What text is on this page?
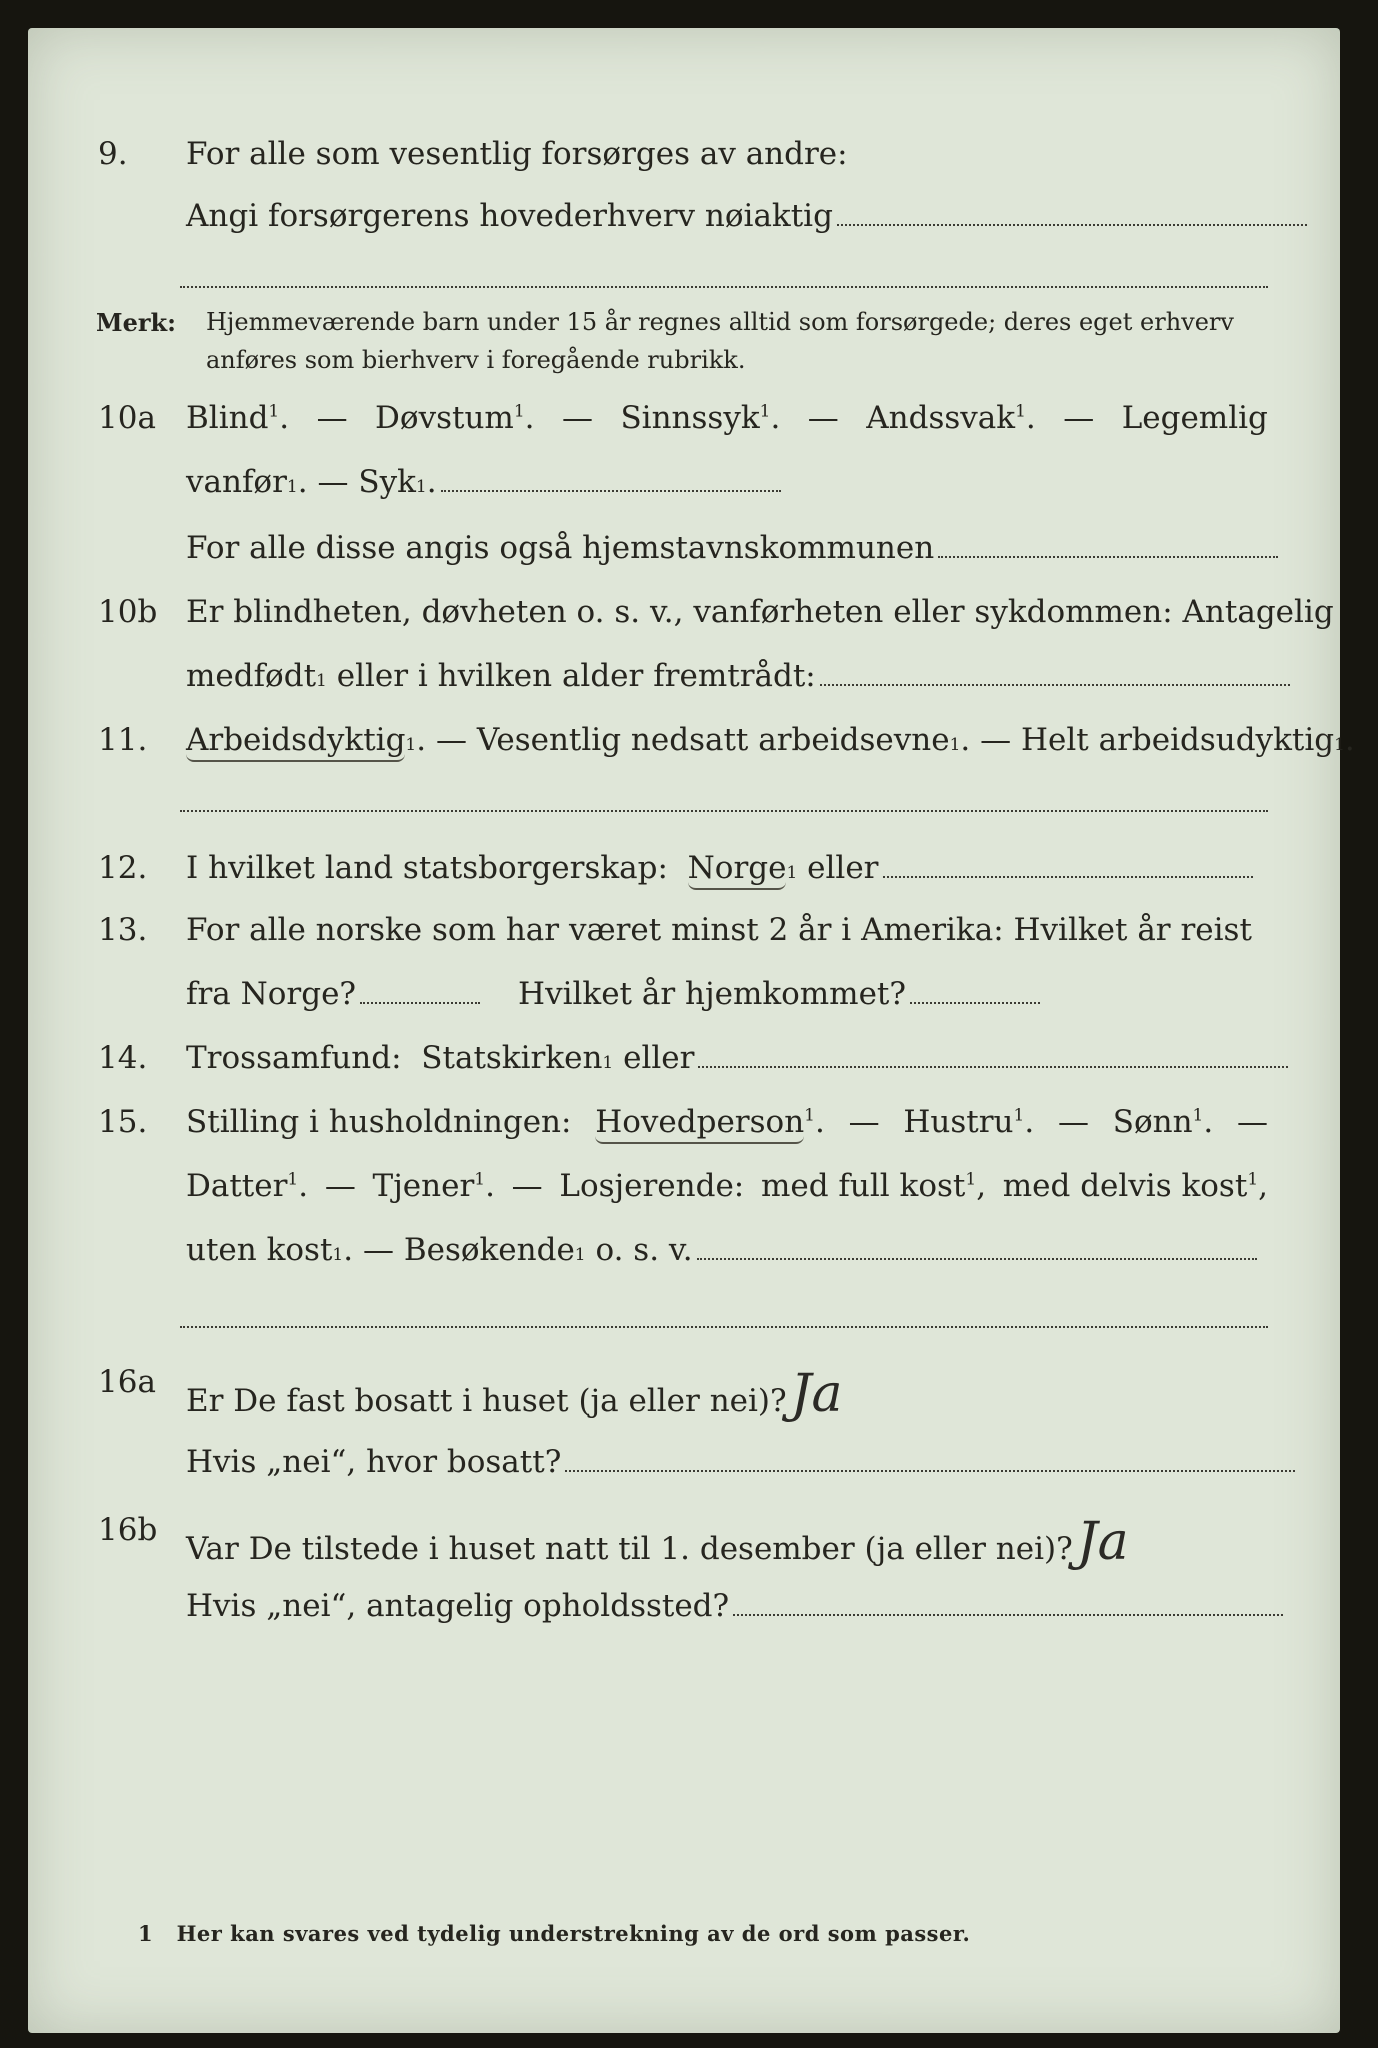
9. For alle som vesentlig forsørges av andre:
Angi forsørgerens hovederhverv nøiaktig
Merk: Hjemmeværende barn under 15 år regnes alltid som forsørgede; deres eget erhverv
anføres som bierhverv i foregående rubrikk.
10a Blind$^1$. — Døvstum$^1$. — Sinnssyk$^1$. — Andssvak$^1$. — Legemlig
vanfør 1 . —
Syk 1 .
For alle disse angis også hjemstavnskommunen
10b Er blindheten, døvheten o. s. v., vanførheten eller sykdommen: Antagelig
medfødt 1
eller i hvilken alder fremtrådt:
11. Arbeidsdyktig 1 . —
Vesentlig nedsatt arbeidsevne 1 . —
Helt arbeidsudyktig 1 .
12. I hvilket land statsborgerskap:
Norge 1
eller
13. For alle norske som har været minst 2 år i Amerika: Hvilket år reist
fra Norge?	Hvilket år hjemkommet?
14. Trossamfund:
Statskirken 1
eller
15. Stilling i husholdningen: Hovedperson$^1$. — Hustru$^1$. — Sønn$^1$. —
Datter$^1$. — Tjener$^1$. — Losjerende: med full kost$^1$, med delvis kost$^1$,
uten kost 1 . —
Besøkende 1
o. s. v.
16a
Er De fast bosatt i huset (ja eller nei)? Ja
Hvis „nei“, hvor bosatt?
16b
Var De tilstede i huset natt til 1. desember (ja eller nei)? Ja
Hvis „nei“, antagelig opholdssted?
1 Her kan svares ved tydelig understrekning av de ord som passer.
